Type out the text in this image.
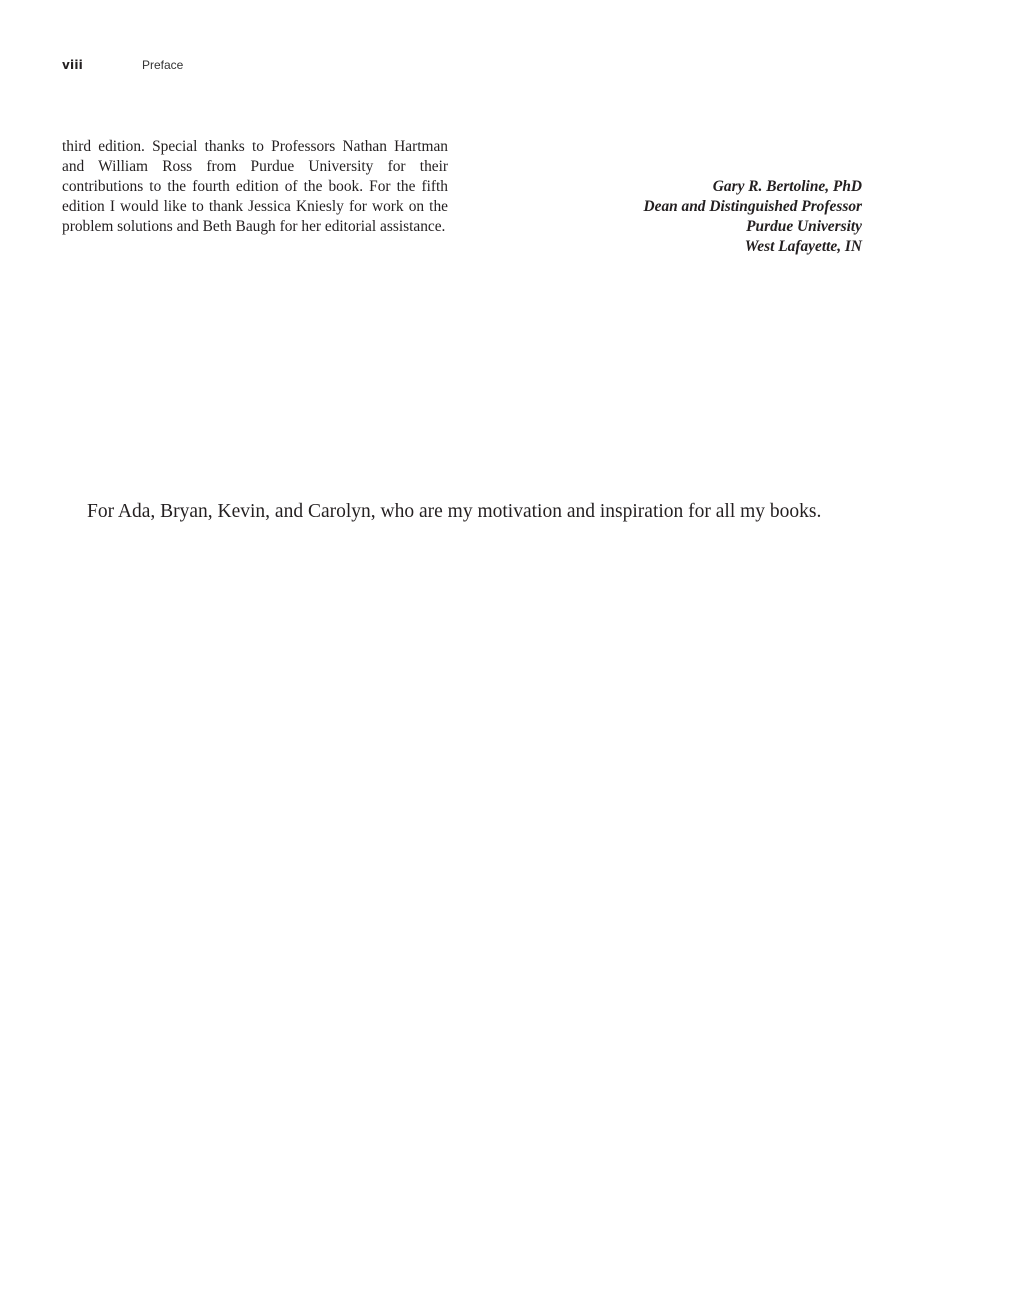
viii	Preface

third edition. Special thanks to Professors Nathan Hartman and William Ross from Purdue University for their contributions to the fourth edition of the book. For the fifth edition I would like to thank Jessica Kniesly for work on the problem solutions and Beth Baugh for her editorial assistance.

Gary R. Bertoline, PhD
Dean and Distinguished Professor
Purdue University
West Lafayette, IN

For Ada, Bryan, Kevin, and Carolyn, who are my motivation and inspiration for all my books.
